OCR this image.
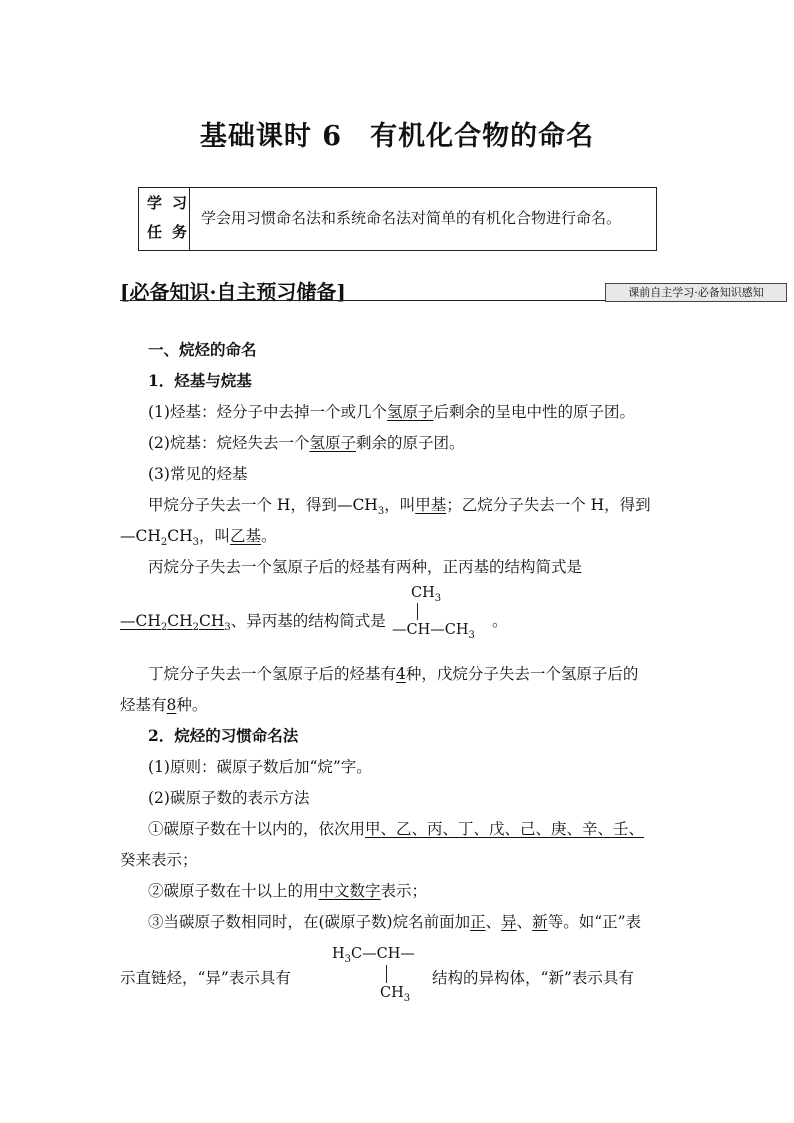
基础课时 6　有机化合物的命名
学习
任务
学会用习惯命名法和系统命名法对简单的有机化合物进行命名。
[必备知识·自主预习储备]	课前自主学习·必备知识感知
一、烷烃的命名
1．烃基与烷基
(1)烃基：烃分子中去掉一个或几个氢原子后剩余的呈电中性的原子团。
(2)烷基：烷烃失去一个氢原子剩余的原子团。
(3)常见的烃基
甲烷分子失去一个 H，得到$—CH_3$，叫甲基；乙烷分子失去一个 H，得到
$—CH_2CH_3$，叫乙基。
丙烷分子失去一个氢原子后的烃基有两种，正丙基的结构简式是
$—CH_2CH_2CH_3$、异丙基的结构简式是
$CH_3$
$—CH—CH_3$
。
丁烷分子失去一个氢原子后的烃基有4种，戊烷分子失去一个氢原子后的
烃基有8种。
2．烷烃的习惯命名法
(1)原则：碳原子数后加“烷”字。
(2)碳原子数的表示方法
①碳原子数在十以内的，依次用甲、乙、丙、丁、戊、己、庚、辛、壬、
癸来表示；
②碳原子数在十以上的用中文数字表示；
③当碳原子数相同时，在(碳原子数)烷名前面加正、异、新等。如“正”表
示直链烃，“异”表示具有
$H_3C—CH—$
$CH_3$
结构的异构体，“新”表示具有
